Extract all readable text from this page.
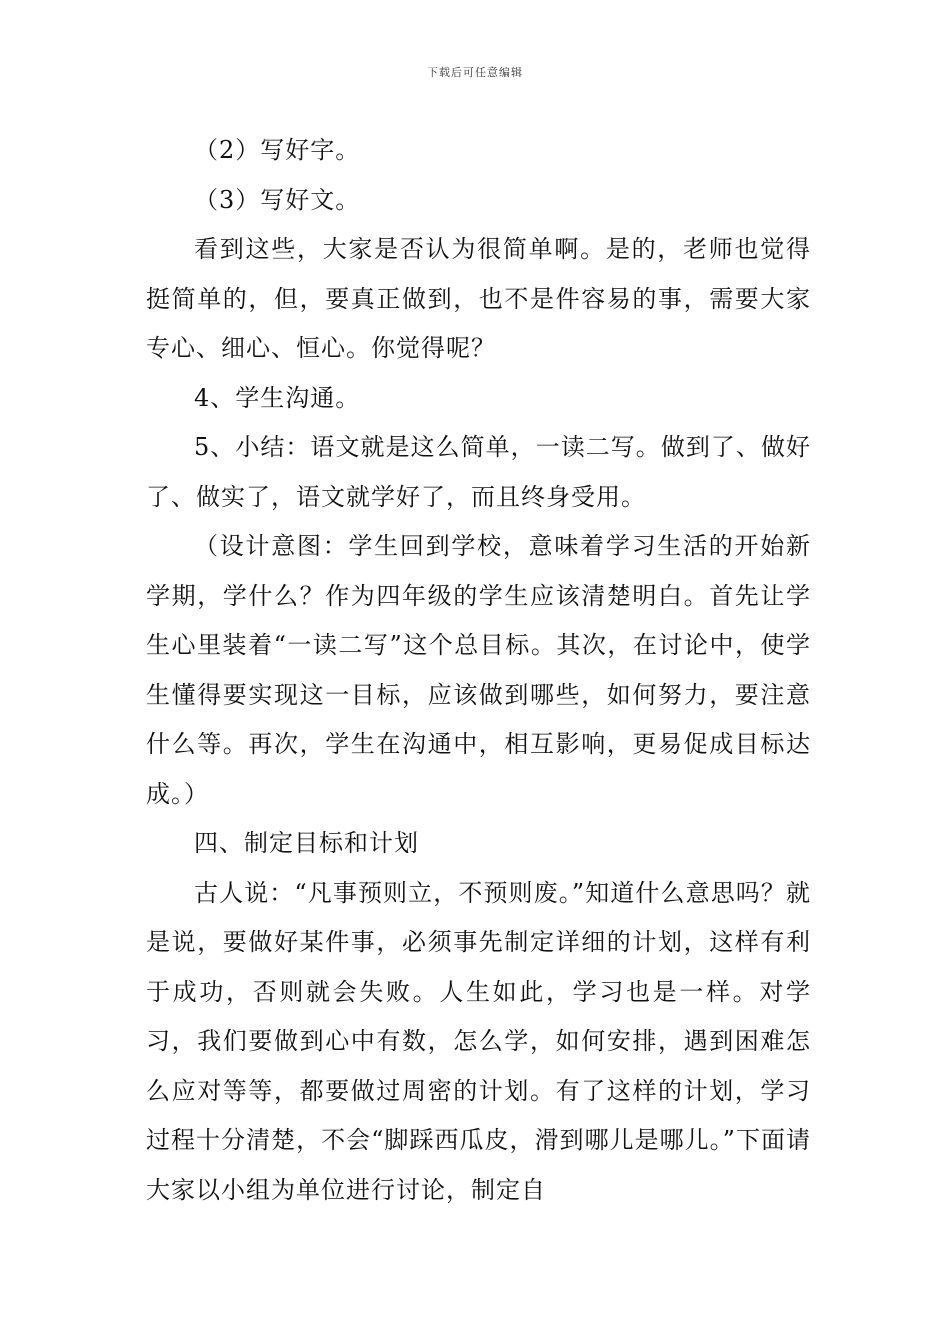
下载后可任意编辑

（2）写好字。

（3）写好文。

看到这些，大家是否认为很简单啊。是的，老师也觉得挺简单的，但，要真正做到，也不是件容易的事，需要大家专心、细心、恒心。你觉得呢？

4、学生沟通。

5、小结：语文就是这么简单，一读二写。做到了、做好了、做实了，语文就学好了，而且终身受用。

（设计意图：学生回到学校，意味着学习生活的开始新学期，学什么？作为四年级的学生应该清楚明白。首先让学生心里装着“一读二写”这个总目标。其次，在讨论中，使学生懂得要实现这一目标，应该做到哪些，如何努力，要注意什么等。再次，学生在沟通中，相互影响，更易促成目标达成。）

四、制定目标和计划

古人说：“凡事预则立，不预则废。”知道什么意思吗？就是说，要做好某件事，必须事先制定详细的计划，这样有利于成功，否则就会失败。人生如此，学习也是一样。对学习，我们要做到心中有数，怎么学，如何安排，遇到困难怎么应对等等，都要做过周密的计划。有了这样的计划，学习过程十分清楚，不会“脚踩西瓜皮，滑到哪儿是哪儿。”下面请大家以小组为单位进行讨论，制定自
